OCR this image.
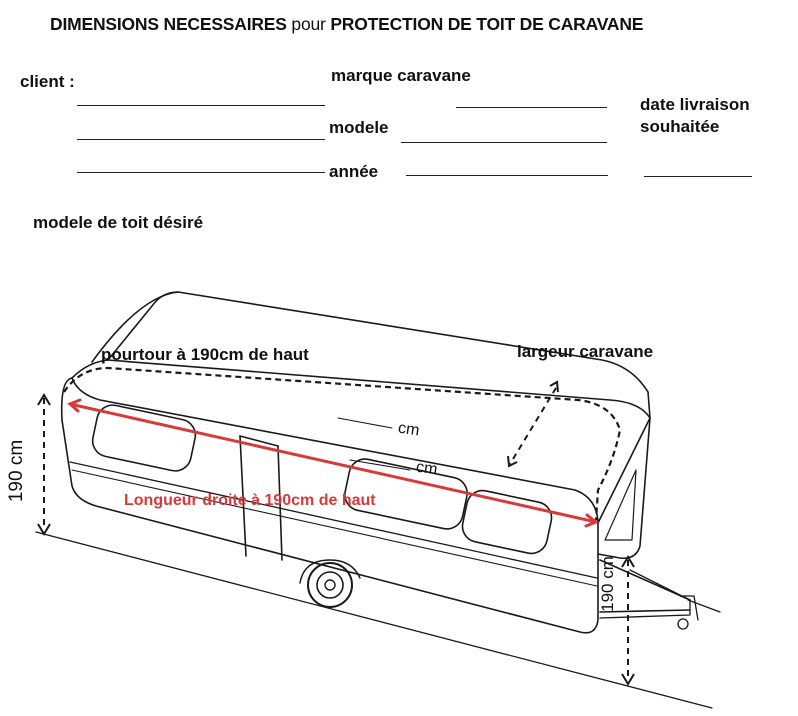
DIMENSIONS NECESSAIRES pour PROTECTION DE TOIT DE CARAVANE
client :	marque caravane
modele
année
date livraison
souhaitée
modele de toit désiré
pourtour à 190cm de haut	largeur caravane
cm
cm
Longueur droite à 190cm de haut
190 cm
190 cm
